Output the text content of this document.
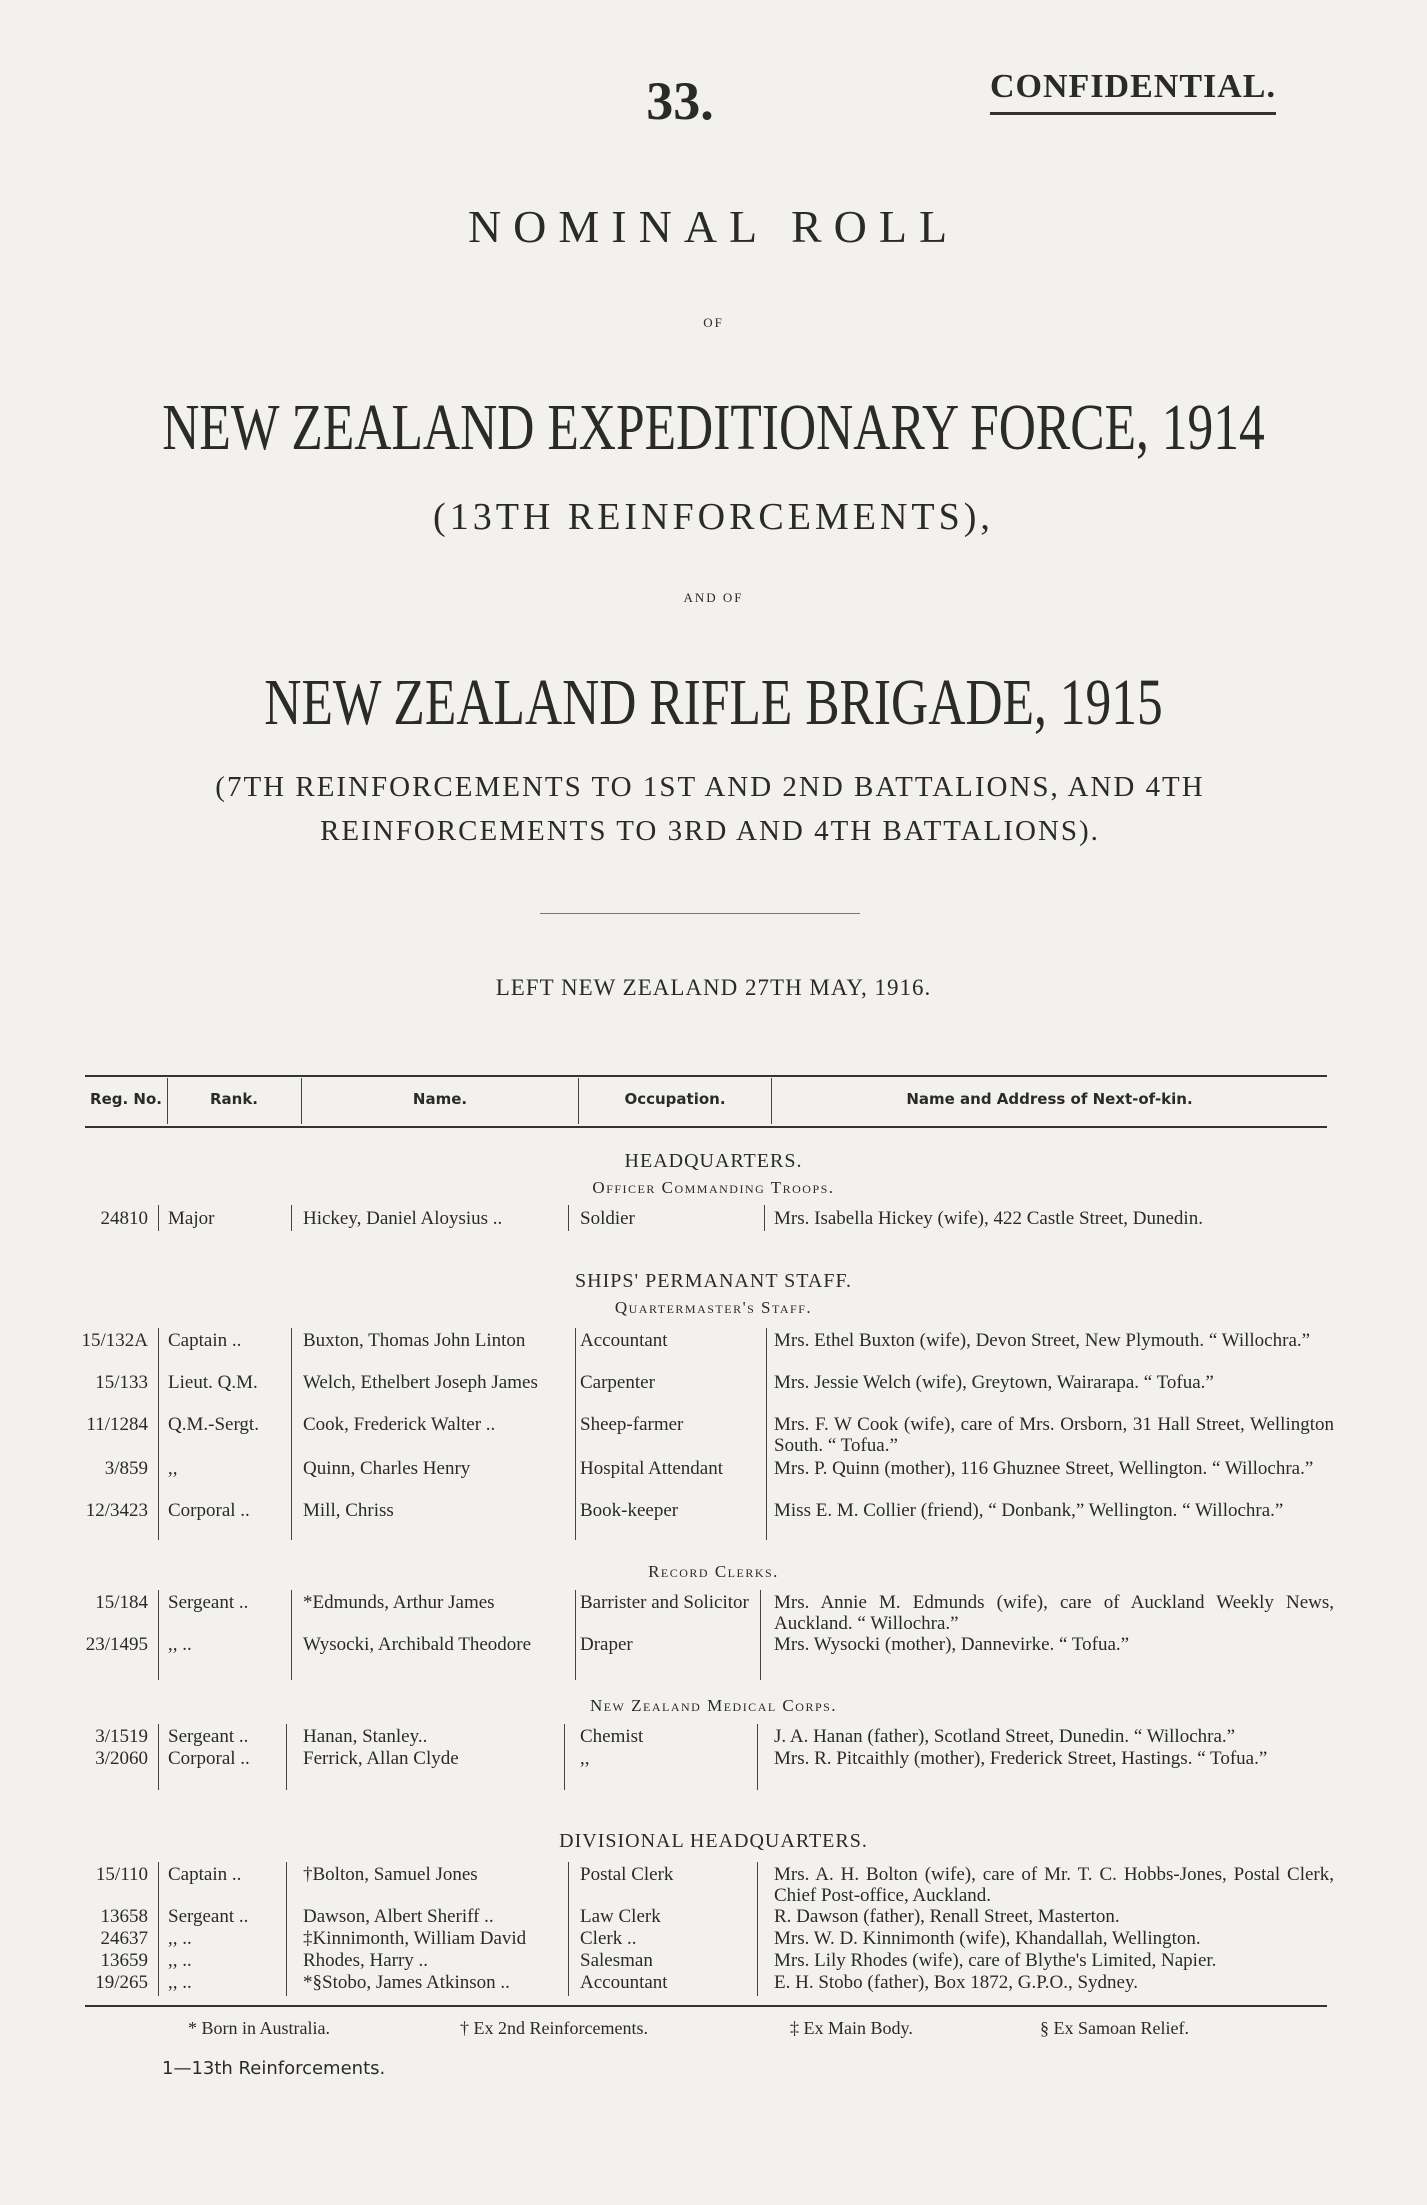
33.	CONFIDENTIAL.
NOMINAL ROLL
OF
NEW ZEALAND EXPEDITIONARY FORCE, 1914
(13TH REINFORCEMENTS),
AND OF
NEW ZEALAND RIFLE BRIGADE, 1915
(7TH REINFORCEMENTS TO 1ST AND 2ND BATTALIONS, AND 4TH REINFORCEMENTS TO 3RD AND 4TH BATTALIONS).
LEFT NEW ZEALAND 27TH MAY, 1916.
Reg. No.	Rank.	Name.	Occupation.	Name and Address of Next-of-kin.
HEADQUARTERS.
Officer Commanding Troops.
24810 Major	Hickey, Daniel Aloysius ..	Soldier	Mrs. Isabella Hickey (wife), 422 Castle Street, Dunedin.
SHIPS' PERMANANT STAFF.
Quartermaster's Staff.
15/132A Captain ..	Buxton, Thomas John Linton	Accountant	Mrs. Ethel Buxton (wife), Devon Street, New Plymouth. “ Willochra.”
15/133 Lieut. Q.M.	Welch, Ethelbert Joseph James	Carpenter	Mrs. Jessie Welch (wife), Greytown, Wairarapa. “ Tofua.”
11/1284 Q.M.-Sergt.	Cook, Frederick Walter ..	Sheep-farmer	Mrs. F. W Cook (wife), care of Mrs. Orsborn, 31 Hall Street, Wellington South. “ Tofua.”
3/859 ,,	Quinn, Charles Henry	Hospital Attendant	Mrs. P. Quinn (mother), 116 Ghuznee Street, Wellington. “ Willochra.”
12/3423 Corporal ..	Mill, Chriss	Book-keeper	Miss E. M. Collier (friend), “ Donbank,” Wellington. “ Willochra.”
Record Clerks.
15/184 Sergeant ..	*Edmunds, Arthur James	Barrister and Solicitor	Mrs. Annie M. Edmunds (wife), care of Auckland Weekly News, Auckland. “ Willochra.”
23/1495 ,, ..	Wysocki, Archibald Theodore	Draper	Mrs. Wysocki (mother), Dannevirke. “ Tofua.”
New Zealand Medical Corps.
3/1519 Sergeant ..	Hanan, Stanley..	Chemist	J. A. Hanan (father), Scotland Street, Dunedin. “ Willochra.”
3/2060 Corporal ..	Ferrick, Allan Clyde	,,	Mrs. R. Pitcaithly (mother), Frederick Street, Hastings. “ Tofua.”
DIVISIONAL HEADQUARTERS.
15/110 Captain ..	†Bolton, Samuel Jones	Postal Clerk	Mrs. A. H. Bolton (wife), care of Mr. T. C. Hobbs-Jones, Postal Clerk, Chief Post-office, Auckland.
13658 Sergeant ..	Dawson, Albert Sheriff ..	Law Clerk	R. Dawson (father), Renall Street, Masterton.
24637 ,, ..	‡Kinnimonth, William David	Clerk ..	Mrs. W. D. Kinnimonth (wife), Khandallah, Wellington.
13659 ,, ..	Rhodes, Harry ..	Salesman	Mrs. Lily Rhodes (wife), care of Blythe's Limited, Napier.
19/265 ,, ..	*§Stobo, James Atkinson ..	Accountant	E. H. Stobo (father), Box 1872, G.P.O., Sydney.
* Born in Australia.	† Ex 2nd Reinforcements.	‡ Ex Main Body.	§ Ex Samoan Relief.
1—13th Reinforcements.
